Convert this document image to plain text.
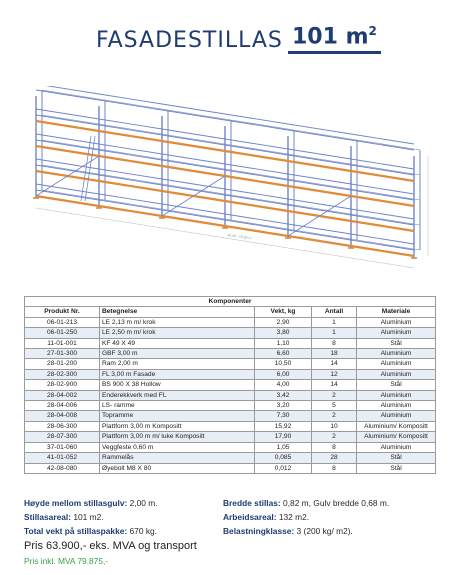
FASADESTILLAS 101 $m^2$
18,48 - 18,58 m
Komponenter				
Produkt Nr.	Betegnelse	Vekt, kg	Antall	Materiale
06-01-213	LE 2,13 m m/ krok	2,90	1	Aluminium
06-01-250	LE 2,50 m m/ krok	3,80	1	Aluminium
11-01-001	KF 49 X 49	1,10	8	Stål
27-01-300	GBF 3,00 m	6,60	18	Aluminium
28-01-200	Ram 2,00 m	10,50	14	Aluminium
28-02-300	FL 3,00 m Fasade	6,00	12	Aluminium
28-02-900	BS 900 X 38 Hollow	4,00	14	Stål
28-04-002	Enderekkverk med FL	3,42	2	Aluminium
28-04-006	LS- ramme	3,20	5	Aluminium
28-04-008	Topramme	7,30	2	Aluminium
28-06-300	Plattform 3,00 m Kompositt	15,92	10	Aluminium/ Kompositt
28-07-300	Plattform 3,00 m m/ luke Kompositt	17,90	2	Aluminium/ Kompositt
37-01-060	Veggfeste 0,60 m	1,05	8	Aluminium
41-01-052	Rammelås	0,085	28	Stål
42-08-080	Øyebolt M8 X 80	0,012	8	Stål
Høyde mellom stillasgulv: 2,00 m.
Stillasareal: 101 m2.
Total vekt på stillaspakke: 670 kg.
Bredde stillas: 0,82 m, Gulv bredde 0,68 m.
Arbeidsareal: 132 m2.
Belastningklasse: 3 (200 kg/ m2).
Pris 63.900,- eks. MVA og transport
Pris inkl. MVA 79.875,-
